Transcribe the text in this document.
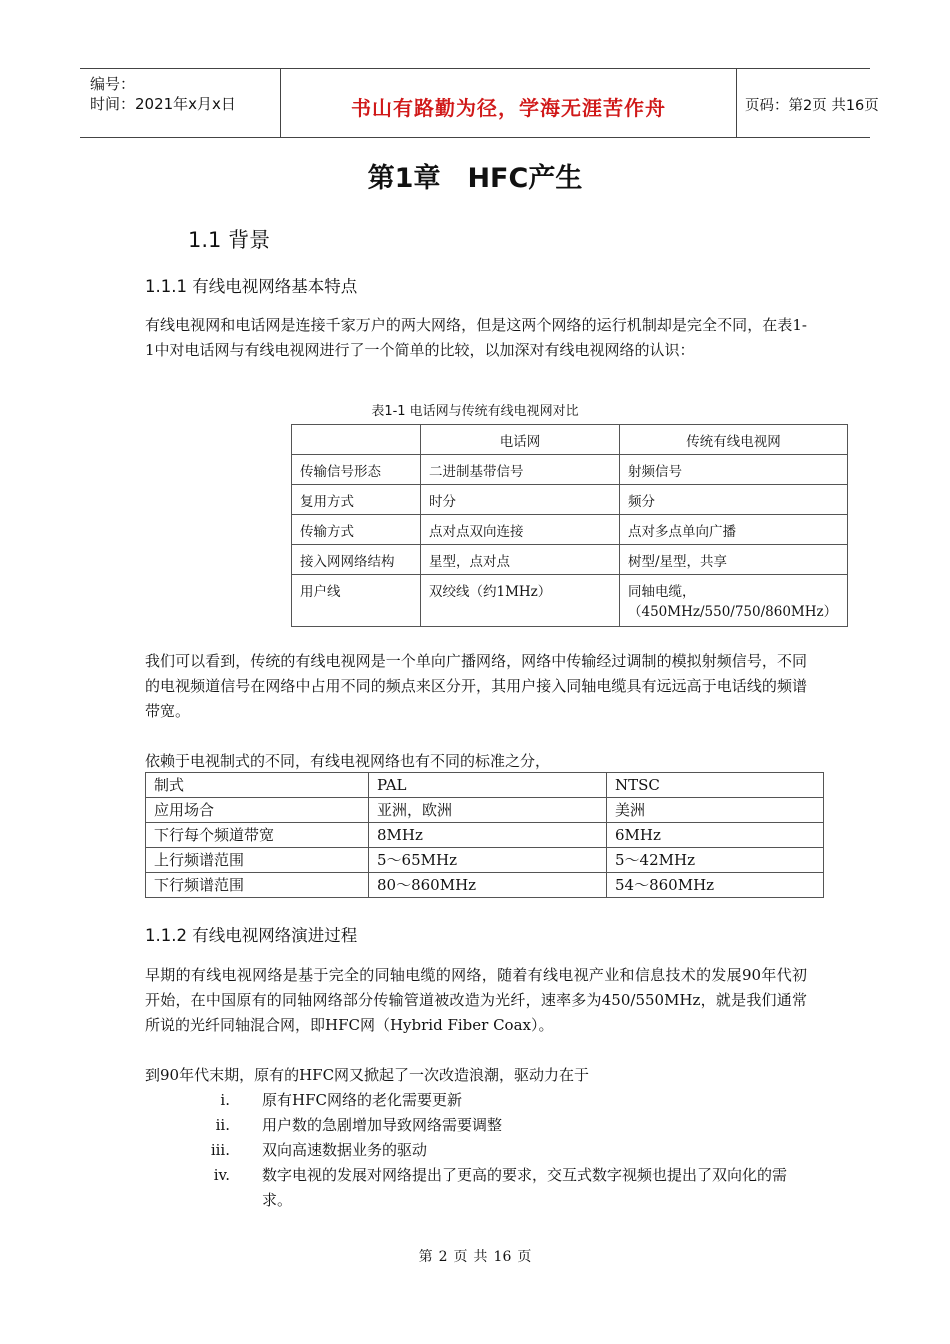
编号：
时间：2021年x月x日	书山有路勤为径，学海无涯苦作舟	页码：第2页 共16页
第1章　HFC产生
1.1 背景
1.1.1 有线电视网络基本特点
有线电视网和电话网是连接千家万户的两大网络，但是这两个网络的运行机制却是完全不同，在表1-1中对电话网与有线电视网进行了一个简单的比较，以加深对有线电视网络的认识：
表1-1 电话网与传统有线电视网对比
	电话网	传统有线电视网
传输信号形态	二进制基带信号	射频信号
复用方式	时分	频分
传输方式	点对点双向连接	点对多点单向广播
接入网网络结构	星型，点对点	树型/星型，共享
用户线	双绞线（约1MHz）	同轴电缆，（450MHz/550/750/860MHz）
我们可以看到，传统的有线电视网是一个单向广播网络，网络中传输经过调制的模拟射频信号，不同的电视频道信号在网络中占用不同的频点来区分开，其用户接入同轴电缆具有远远高于电话线的频谱带宽。
依赖于电视制式的不同，有线电视网络也有不同的标准之分，
制式	PAL	NTSC
应用场合	亚洲，欧洲	美洲
下行每个频道带宽	8MHz	6MHz
上行频谱范围	5～65MHz	5～42MHz
下行频谱范围	80～860MHz	54～860MHz
1.1.2 有线电视网络演进过程
早期的有线电视网络是基于完全的同轴电缆的网络，随着有线电视产业和信息技术的发展90年代初开始，在中国原有的同轴网络部分传输管道被改造为光纤，速率多为450/550MHz，就是我们通常所说的光纤同轴混合网，即HFC网（Hybrid Fiber Coax）。
到90年代末期，原有的HFC网又掀起了一次改造浪潮，驱动力在于
i. 原有HFC网络的老化需要更新
ii. 用户数的急剧增加导致网络需要调整
iii. 双向高速数据业务的驱动
iv. 数字电视的发展对网络提出了更高的要求，交互式数字视频也提出了双向化的需求。
第 2 页 共 16 页
